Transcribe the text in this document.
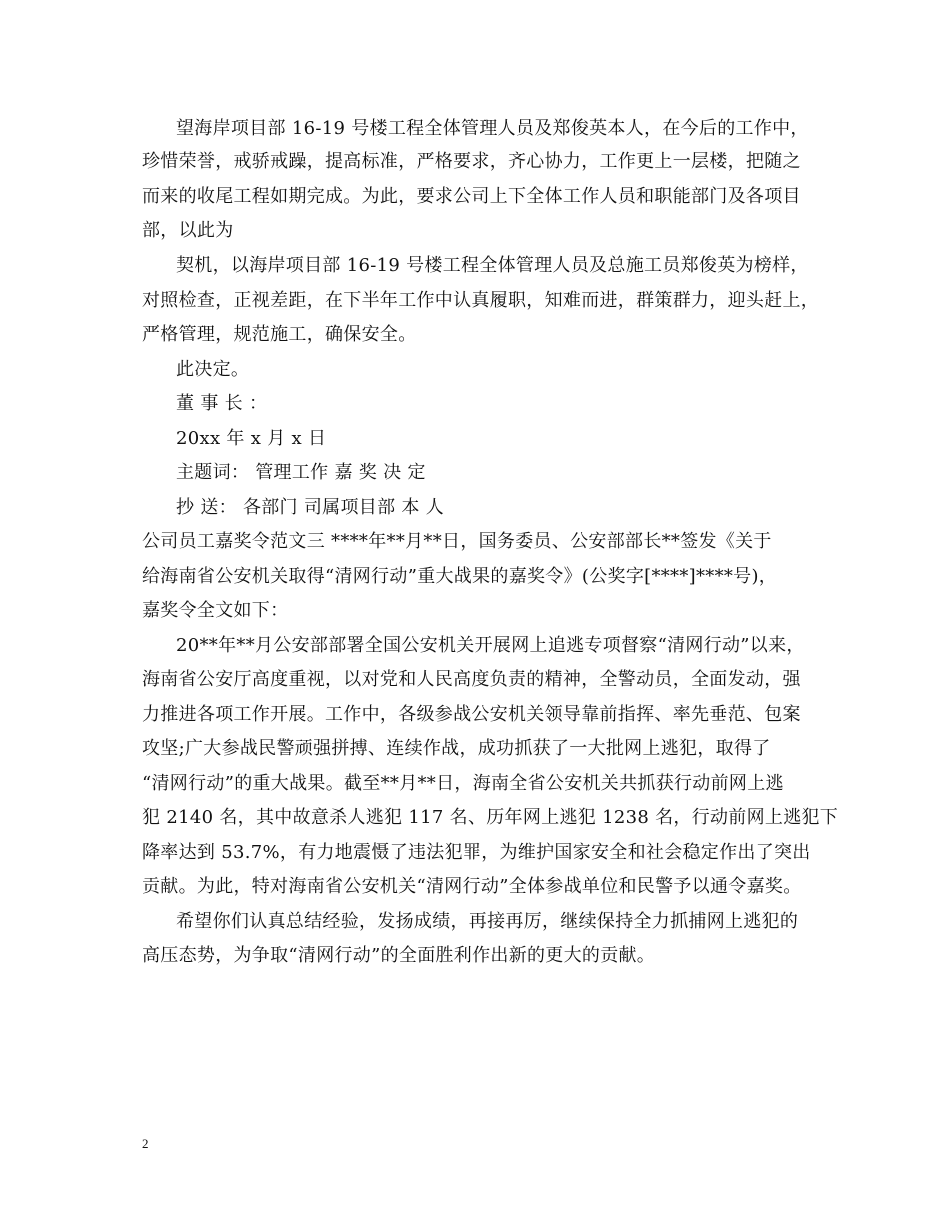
望海岸项目部 16-19 号楼工程全体管理人员及郑俊英本人，在今后的工作中，
珍惜荣誉，戒骄戒躁，提高标准，严格要求，齐心协力，工作更上一层楼，把随之
而来的收尾工程如期完成。为此，要求公司上下全体工作人员和职能部门及各项目
部，以此为
契机，以海岸项目部 16-19 号楼工程全体管理人员及总施工员郑俊英为榜样，
对照检查，正视差距，在下半年工作中认真履职，知难而进，群策群力，迎头赶上，
严格管理，规范施工，确保安全。
此决定。
董 事 长 ：
20xx 年 x 月 x 日
主题词： 管理工作 嘉 奖 决 定
抄 送： 各部门 司属项目部 本 人
公司员工嘉奖令范文三 ****年**月**日，国务委员、公安部部长**签发《关于
给海南省公安机关取得“清网行动”重大战果的嘉奖令》(公奖字[****]****号)，
嘉奖令全文如下：
20**年**月公安部部署全国公安机关开展网上追逃专项督察“清网行动”以来，
海南省公安厅高度重视，以对党和人民高度负责的精神，全警动员，全面发动，强
力推进各项工作开展。工作中，各级参战公安机关领导靠前指挥、率先垂范、包案
攻坚;广大参战民警顽强拼搏、连续作战，成功抓获了一大批网上逃犯，取得了
“清网行动”的重大战果。截至**月**日，海南全省公安机关共抓获行动前网上逃
犯 2140 名，其中故意杀人逃犯 117 名、历年网上逃犯 1238 名，行动前网上逃犯下
降率达到 53.7%，有力地震慑了违法犯罪，为维护国家安全和社会稳定作出了突出
贡献。为此，特对海南省公安机关“清网行动”全体参战单位和民警予以通令嘉奖。
希望你们认真总结经验，发扬成绩，再接再厉，继续保持全力抓捕网上逃犯的
高压态势，为争取“清网行动”的全面胜利作出新的更大的贡献。
2
